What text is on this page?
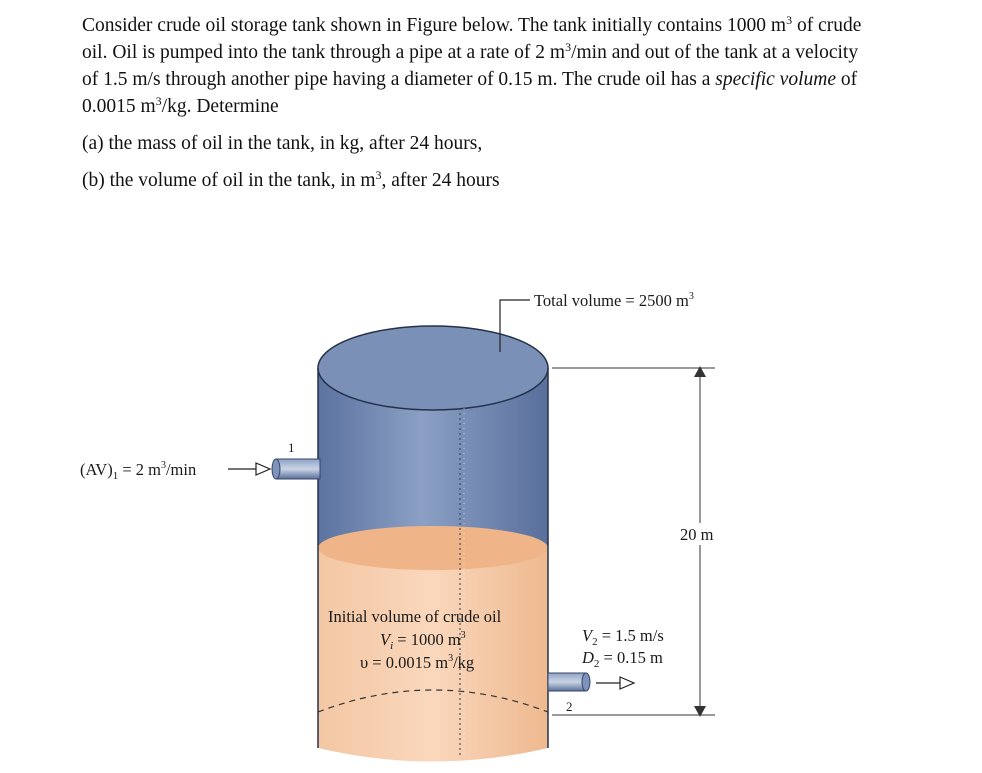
Consider crude oil storage tank shown in Figure below. The tank initially contains 1000 $m^3$ of crude oil. Oil is pumped into the tank through a pipe at a rate of 2 $m^3/\min$ and out of the tank at a velocity of 1.5 m/s through another pipe having a diameter of 0.15 m. The crude oil has a specific volume of 0.0015 $m^3/kg$. Determine

(a) the mass of oil in the tank, in kg, after 24 hours,

(b) the volume of oil in the tank, in $m^3$, after 24 hours

Total volume = 2500 $m^3$
1
$(AV)_1 = 2$ $m^3/\min$
20 m
Initial volume of crude oil
$V_i = 1000$ $m^3$
υ = 0.0015 $m^3/kg$
2
$V_2 = 1.5$ m/s
$D_2 = 0.15$ m
